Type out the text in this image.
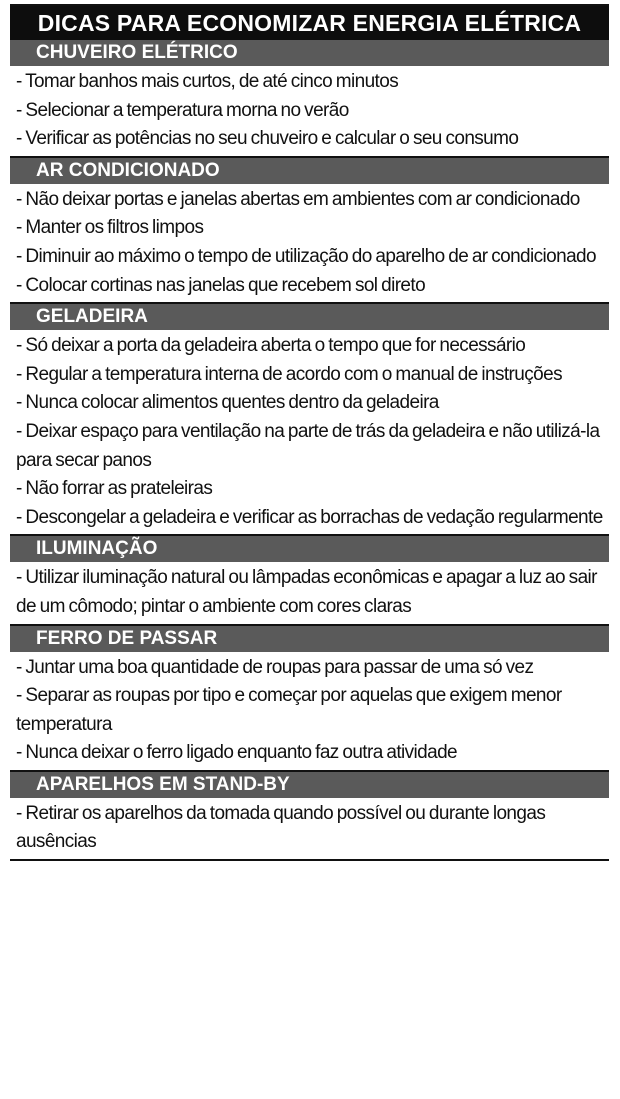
DICAS PARA ECONOMIZAR ENERGIA ELÉTRICA
CHUVEIRO ELÉTRICO
- Tomar banhos mais curtos, de até cinco minutos
- Selecionar a temperatura morna no verão
- Verificar as potências no seu chuveiro e calcular o seu consumo
AR CONDICIONADO
- Não deixar portas e janelas abertas em ambientes com ar condicionado
- Manter os filtros limpos
- Diminuir ao máximo o tempo de utilização do aparelho de ar condicionado
- Colocar cortinas nas janelas que recebem sol direto
GELADEIRA
- Só deixar a porta da geladeira aberta o tempo que for necessário
- Regular a temperatura interna de acordo com o manual de instruções
- Nunca colocar alimentos quentes dentro da geladeira
- Deixar espaço para ventilação na parte de trás da geladeira e não utilizá-la para secar panos
- Não forrar as prateleiras
- Descongelar a geladeira e verificar as borrachas de vedação regularmente
ILUMINAÇÃO
- Utilizar iluminação natural ou lâmpadas econômicas e apagar a luz ao sair de um cômodo; pintar o ambiente com cores claras
FERRO DE PASSAR
- Juntar uma boa quantidade de roupas para passar de uma só vez
- Separar as roupas por tipo e começar por aquelas que exigem menor temperatura
- Nunca deixar o ferro ligado enquanto faz outra atividade
APARELHOS EM STAND-BY
- Retirar os aparelhos da tomada quando possível ou durante longas ausências
